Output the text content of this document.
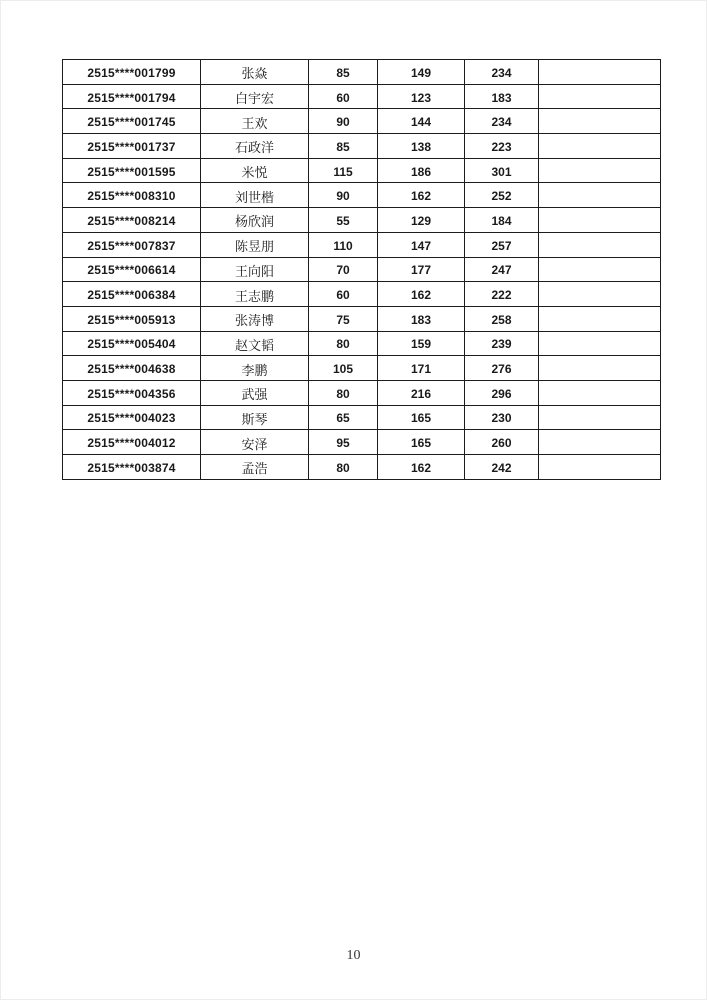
2515****001799	张焱	85	149	234	
2515****001794	白宇宏	60	123	183	
2515****001745	王欢	90	144	234	
2515****001737	石政洋	85	138	223	
2515****001595	米悦	115	186	301	
2515****008310	刘世楷	90	162	252	
2515****008214	杨欣润	55	129	184	
2515****007837	陈昱朋	110	147	257	
2515****006614	王向阳	70	177	247	
2515****006384	王志鹏	60	162	222	
2515****005913	张涛博	75	183	258	
2515****005404	赵文韬	80	159	239	
2515****004638	李鹏	105	171	276	
2515****004356	武强	80	216	296	
2515****004023	斯琴	65	165	230	
2515****004012	安泽	95	165	260	
2515****003874	孟浩	80	162	242	
10
